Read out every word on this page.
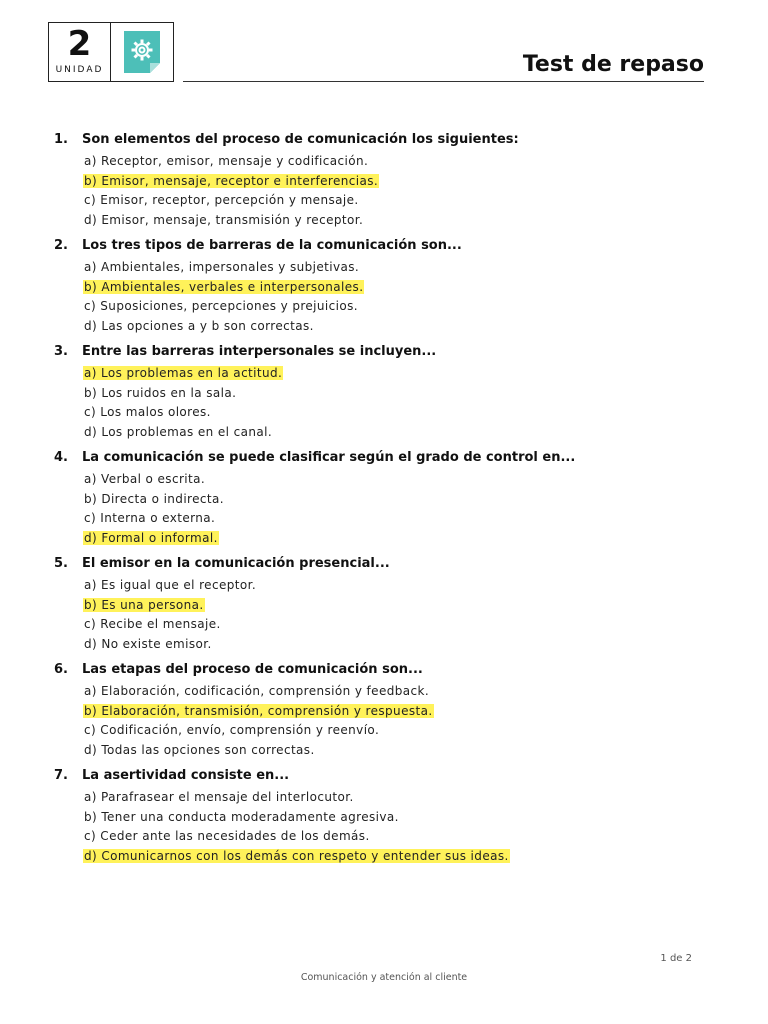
2
UNIDAD	Test de repaso
1.	Son elementos del proceso de comunicación los siguientes:
a) Receptor, emisor, mensaje y codificación.
b) Emisor, mensaje, receptor e interferencias.
c) Emisor, receptor, percepción y mensaje.
d) Emisor, mensaje, transmisión y receptor.
2.	Los tres tipos de barreras de la comunicación son...
a) Ambientales, impersonales y subjetivas.
b) Ambientales, verbales e interpersonales.
c) Suposiciones, percepciones y prejuicios.
d) Las opciones a y b son correctas.
3.	Entre las barreras interpersonales se incluyen...
a) Los problemas en la actitud.
b) Los ruidos en la sala.
c) Los malos olores.
d) Los problemas en el canal.
4.	La comunicación se puede clasificar según el grado de control en...
a) Verbal o escrita.
b) Directa o indirecta.
c) Interna o externa.
d) Formal o informal.
5.	El emisor en la comunicación presencial...
a) Es igual que el receptor.
b) Es una persona.
c) Recibe el mensaje.
d) No existe emisor.
6.	Las etapas del proceso de comunicación son...
a) Elaboración, codificación, comprensión y feedback.
b) Elaboración, transmisión, comprensión y respuesta.
c) Codificación, envío, comprensión y reenvío.
d) Todas las opciones son correctas.
7.	La asertividad consiste en...
a) Parafrasear el mensaje del interlocutor.
b) Tener una conducta moderadamente agresiva.
c) Ceder ante las necesidades de los demás.
d) Comunicarnos con los demás con respeto y entender sus ideas.
1 de 2
Comunicación y atención al cliente
